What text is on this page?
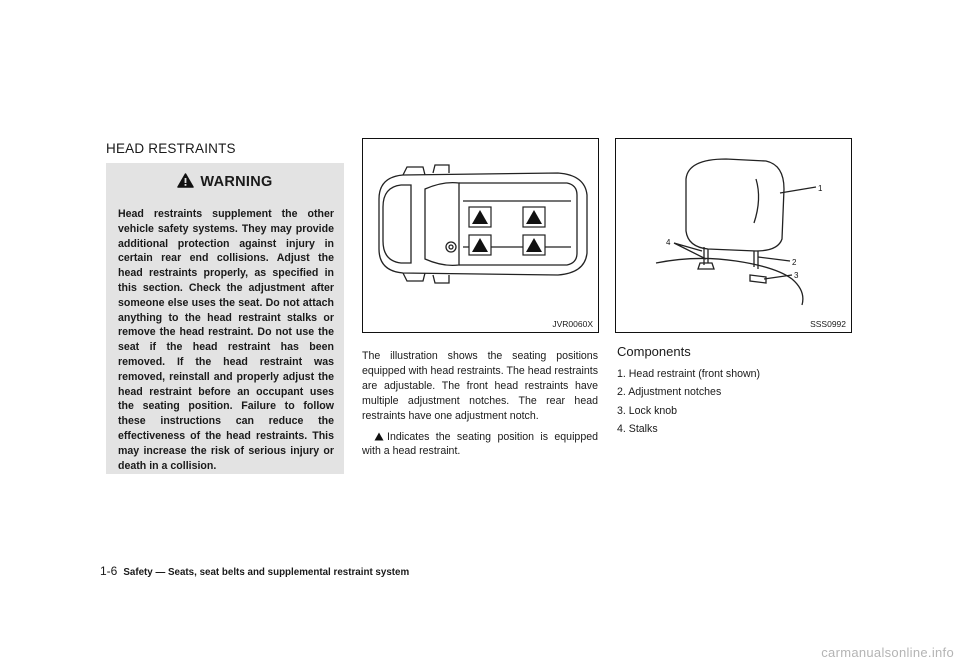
HEAD RESTRAINTS
WARNING
Head restraints supplement the other vehicle safety systems. They may provide additional protection against injury in certain rear end collisions. Adjust the head restraints properly, as specified in this section. Check the adjustment after someone else uses the seat. Do not attach anything to the head restraint stalks or remove the head restraint. Do not use the seat if the head restraint has been removed. If the head restraint was removed, reinstall and properly adjust the head restraint before an occupant uses the seating position. Failure to follow these instructions can reduce the effectiveness of the head restraints. This may increase the risk of serious injury or death in a collision.
JVR0060X
1
2
3
4
SSS0992

The illustration shows the seating positions equipped with head restraints. The head restraints are adjustable. The front head restraints have multiple adjustment notches. The rear head restraints have one adjustment notch.

Indicates the seating position is equipped with a head restraint.

Components
1. Head restraint (front shown)
2. Adjustment notches
3. Lock knob
4. Stalks
1-6 Safety — Seats, seat belts and supplemental restraint system
carmanualsonline.info
